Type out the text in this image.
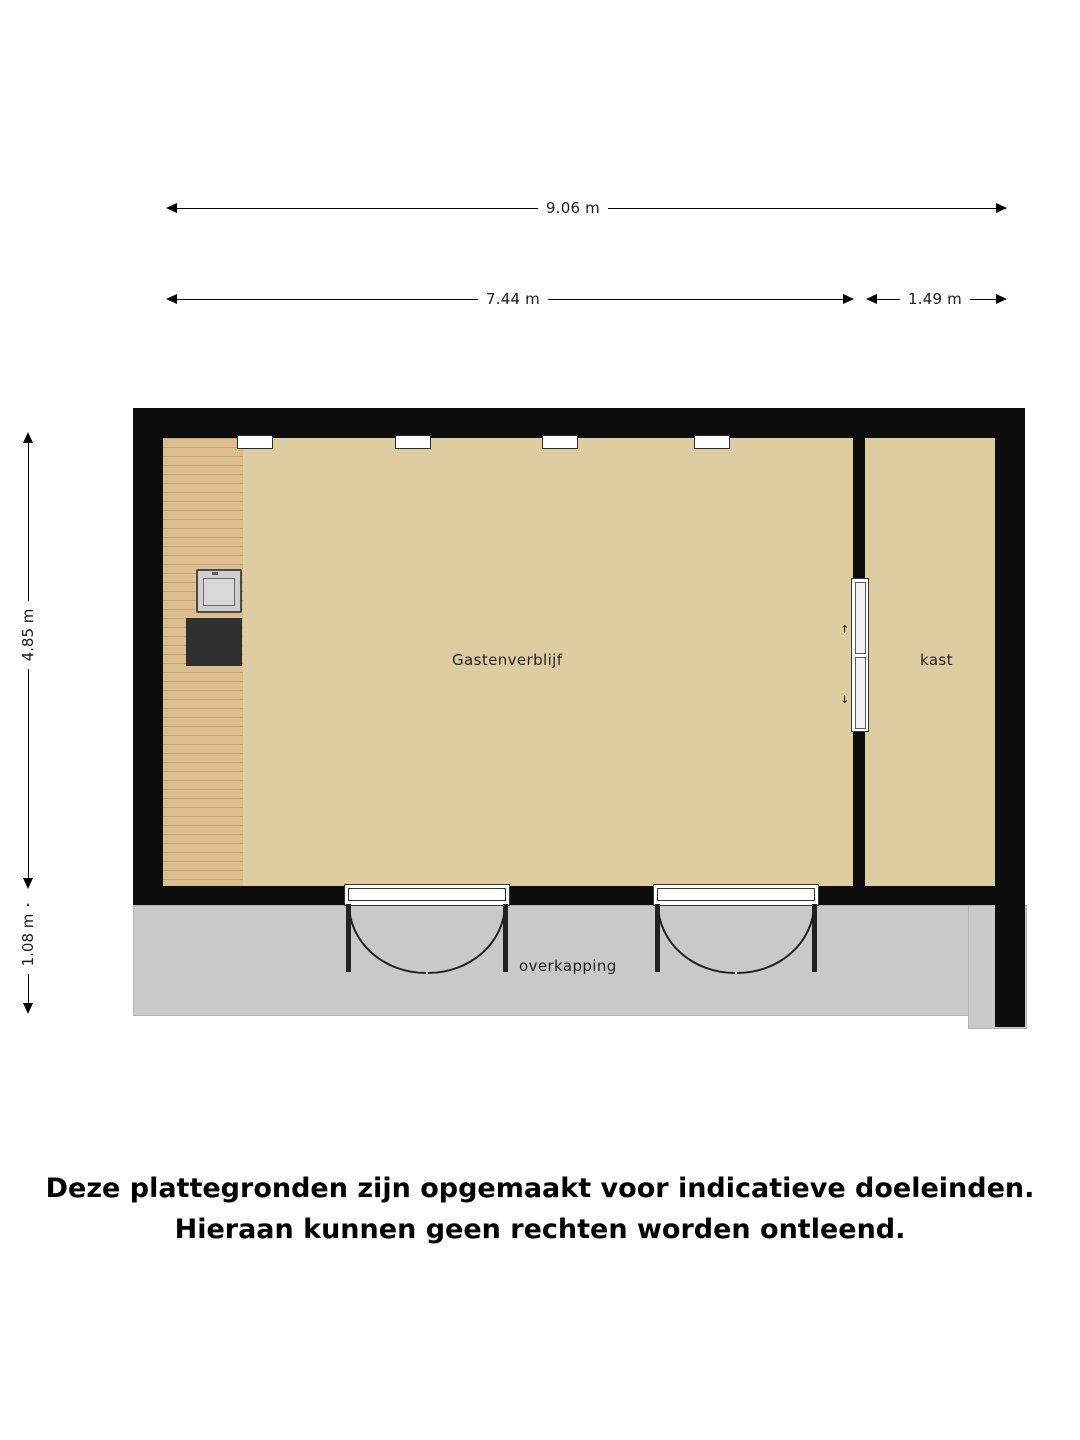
9.06 m
7.44 m	1.49 m
4.85 m
1.08 m
↑
↓
Gastenverblijf	kast
overkapping
Deze plattegronden zijn opgemaakt voor indicatieve doeleinden.
Hieraan kunnen geen rechten worden ontleend.
